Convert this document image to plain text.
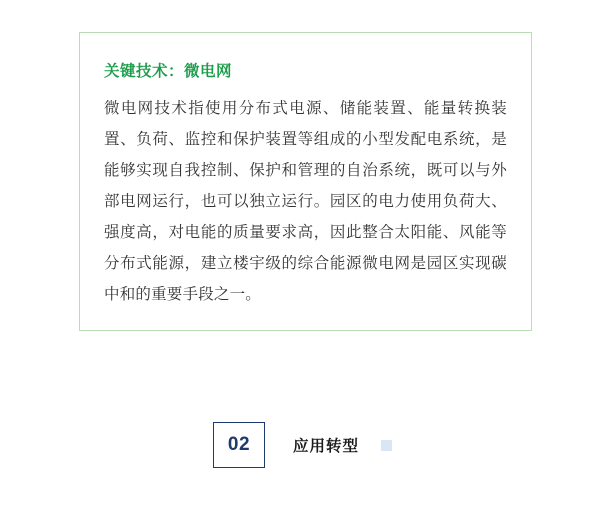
关键技术：微电网

微电网技术指使用分布式电源、储能装置、能量转换装置、负荷、监控和保护装置等组成的小型发配电系统，是能够实现自我控制、保护和管理的自治系统，既可以与外部电网运行，也可以独立运行。园区的电力使用负荷大、强度高，对电能的质量要求高，因此整合太阳能、风能等分布式能源，建立楼宇级的综合能源微电网是园区实现碳中和的重要手段之一。

02	应用转型
